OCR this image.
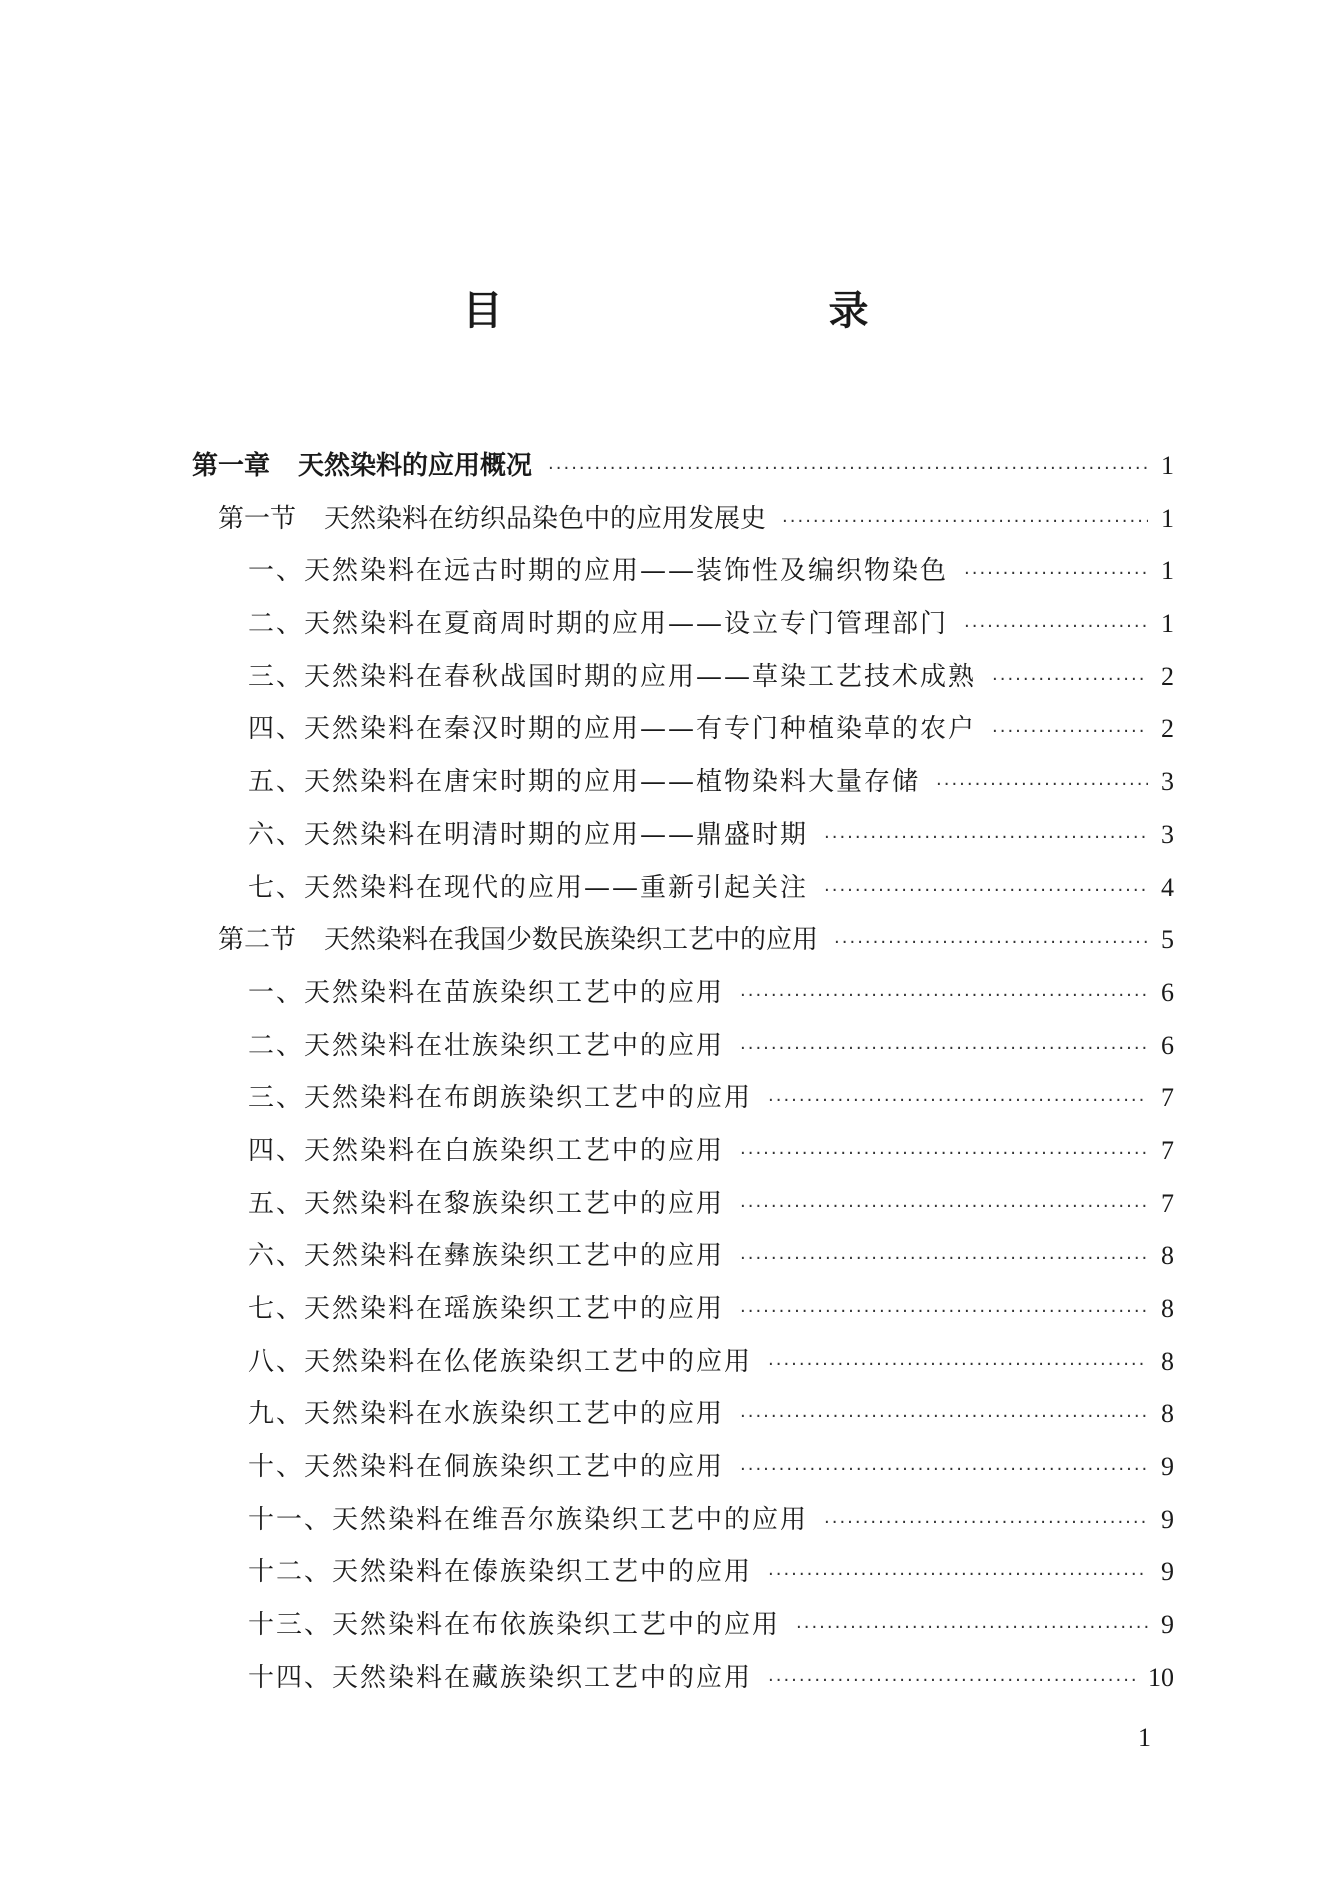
目　　录
第一章 天然染料的应用概况 ·····	1
第一节 天然染料在纺织品染色中的应用发展史 ·····	1
一、天然染料在远古时期的应用——装饰性及编织物染色 ·····	1
二、天然染料在夏商周时期的应用——设立专门管理部门 ·····	1
三、天然染料在春秋战国时期的应用——草染工艺技术成熟 ·····	2
四、天然染料在秦汉时期的应用——有专门种植染草的农户 ·····	2
五、天然染料在唐宋时期的应用——植物染料大量存储 ·····	3
六、天然染料在明清时期的应用——鼎盛时期 ·····	3
七、天然染料在现代的应用——重新引起关注 ·····	4
第二节 天然染料在我国少数民族染织工艺中的应用 ·····	5
一、天然染料在苗族染织工艺中的应用 ·····	6
二、天然染料在壮族染织工艺中的应用 ·····	6
三、天然染料在布朗族染织工艺中的应用 ·····	7
四、天然染料在白族染织工艺中的应用 ·····	7
五、天然染料在黎族染织工艺中的应用 ·····	7
六、天然染料在彝族染织工艺中的应用 ·····	8
七、天然染料在瑶族染织工艺中的应用 ·····	8
八、天然染料在仫佬族染织工艺中的应用 ·····	8
九、天然染料在水族染织工艺中的应用 ·····	8
十、天然染料在侗族染织工艺中的应用 ·····	9
十一、天然染料在维吾尔族染织工艺中的应用 ·····	9
十二、天然染料在傣族染织工艺中的应用 ·····	9
十三、天然染料在布依族染织工艺中的应用 ·····	9
十四、天然染料在藏族染织工艺中的应用 ·····	10
1
